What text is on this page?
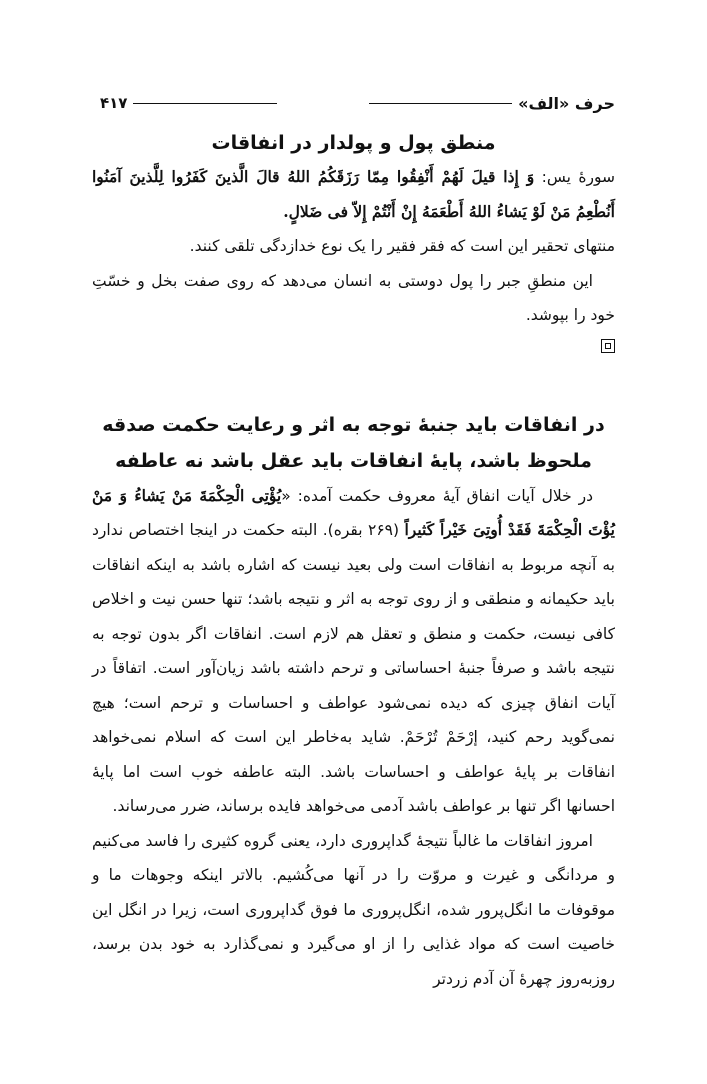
حرف «الف»
۴۱۷
منطق پول و پولدار در انفاقات

سورهٔ یس: وَ إِذا قیلَ لَهُمْ أَنْفِقُوا مِمّا رَزَقَکُمُ اللهُ قالَ الَّذینَ کَفَرُوا لِلَّذینَ آمَنُوا أَنُطْعِمُ مَنْ لَوْ یَشاءُ اللهُ أَطْعَمَهُ إِنْ أَنْتُمْ إِلاّ فی ضَلالٍ.

منتهای تحقیر این است که فقر فقیر را یک نوع خدازدگی تلقی کنند.

این منطقِ جبر را پول دوستی به انسان می‌دهد که روی صفت بخل و خسّتِ خود را بپوشد.

در انفاقات باید جنبهٔ توجه به اثر و رعایت حکمت صدقه
ملحوظ باشد، پایهٔ انفاقات باید عقل باشد نه عاطفه

در خلال آیات انفاق آیهٔ معروف حکمت آمده: «یُؤْتِی الْحِکْمَةَ مَنْ یَشاءُ وَ مَنْ یُؤْتَ الْحِکْمَةَ فَقَدْ أُوتِیَ خَیْراً کَثیراً (۲۶۹ بقره). البته حکمت در اینجا اختصاص ندارد به آنچه مربوط به انفاقات است ولی بعید نیست که اشاره باشد به اینکه انفاقات باید حکیمانه و منطقی و از روی توجه به اثر و نتیجه باشد؛ تنها حسن نیت و اخلاص کافی نیست، حکمت و منطق و تعقل هم لازم است. انفاقات اگر بدون توجه به نتیجه باشد و صرفاً جنبهٔ احساساتی و ترحم داشته باشد زیان‌آور است. اتفاقاً در آیات انفاق چیزی که دیده نمی‌شود عواطف و احساسات و ترحم است؛ هیچ نمی‌گوید رحم کنید، إرْحَمْ تُرْحَمْ. شاید به‌خاطر این است که اسلام نمی‌خواهد انفاقات بر پایهٔ عواطف و احساسات باشد. البته عاطفه خوب است اما پایهٔ احسانها اگر تنها بر عواطف باشد آدمی می‌خواهد فایده برساند، ضرر می‌رساند.

امروز انفاقات ما غالباً نتیجهٔ گداپروری دارد، یعنی گروه کثیری را فاسد می‌کنیم و مردانگی و غیرت و مروّت را در آنها می‌کُشیم. بالاتر اینکه وجوهات ما و موقوفات ما انگل‌پرور شده، انگل‌پروری ما فوق گداپروری است، زیرا در انگل این خاصیت است که مواد غذایی را از او می‌گیرد و نمی‌گذارد به خود بدن برسد، روزبه‌روز چهرهٔ آن آدم زردتر
